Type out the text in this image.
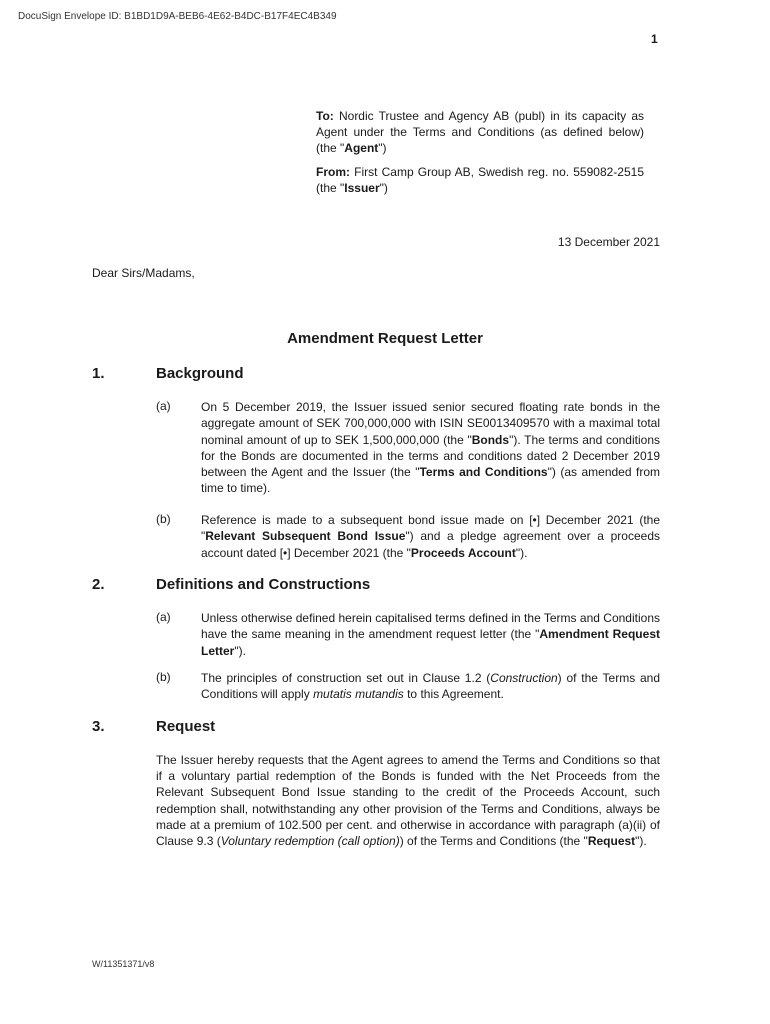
DocuSign Envelope ID: B1BD1D9A-BEB6-4E62-B4DC-B17F4EC4B349
1
To: Nordic Trustee and Agency AB (publ) in its capacity as Agent under the Terms and Conditions (as defined below) (the "Agent")
From: First Camp Group AB, Swedish reg. no. 559082-2515 (the "Issuer")
13 December 2021
Dear Sirs/Madams,
Amendment Request Letter
1.	Background
(a)	On 5 December 2019, the Issuer issued senior secured floating rate bonds in the aggregate amount of SEK 700,000,000 with ISIN SE0013409570 with a maximal total nominal amount of up to SEK 1,500,000,000 (the "Bonds"). The terms and conditions for the Bonds are documented in the terms and conditions dated 2 December 2019 between the Agent and the Issuer (the "Terms and Conditions") (as amended from time to time).
(b)	Reference is made to a subsequent bond issue made on [•] December 2021 (the "Relevant Subsequent Bond Issue") and a pledge agreement over a proceeds account dated [•] December 2021 (the "Proceeds Account").
2.	Definitions and Constructions
(a)	Unless otherwise defined herein capitalised terms defined in the Terms and Conditions have the same meaning in the amendment request letter (the "Amendment Request Letter").
(b)	The principles of construction set out in Clause 1.2 (Construction) of the Terms and Conditions will apply mutatis mutandis to this Agreement.
3.	Request
The Issuer hereby requests that the Agent agrees to amend the Terms and Conditions so that if a voluntary partial redemption of the Bonds is funded with the Net Proceeds from the Relevant Subsequent Bond Issue standing to the credit of the Proceeds Account, such redemption shall, notwithstanding any other provision of the Terms and Conditions, always be made at a premium of 102.500 per cent. and otherwise in accordance with paragraph (a)(ii) of Clause 9.3 (Voluntary redemption (call option)) of the Terms and Conditions (the "Request").
W/11351371/v8
